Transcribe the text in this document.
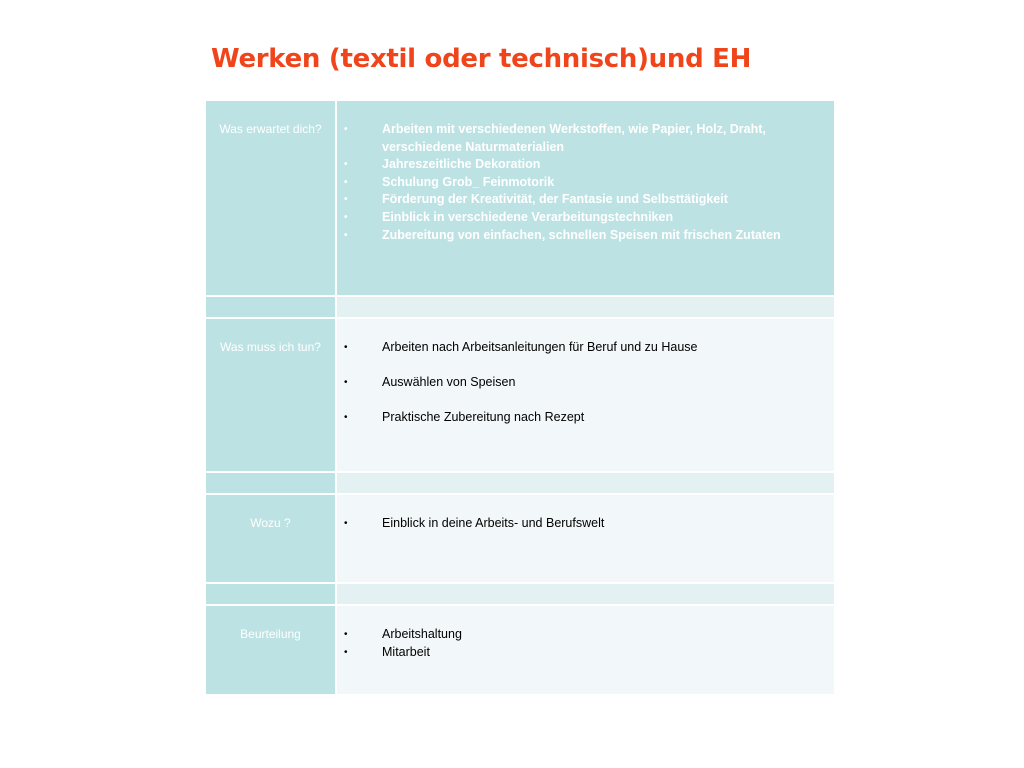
Werken (textil oder technisch)und EH
Was erwartet dich?	• Arbeiten mit verschiedenen Werkstoffen, wie Papier, Holz, Draht, verschiedene Naturmaterialien
• Jahreszeitliche Dekoration
• Schulung Grob_ Feinmotorik
• Förderung der Kreativität, der Fantasie und Selbsttätigkeit
• Einblick in verschiedene Verarbeitungstechniken
• Zubereitung von einfachen, schnellen Speisen mit frischen Zutaten
Was muss ich tun?	• Arbeiten nach Arbeitsanleitungen für Beruf und zu Hause
• Auswählen von Speisen
• Praktische Zubereitung nach Rezept
Wozu ?	• Einblick in deine Arbeits- und Berufswelt
Beurteilung	• Arbeitshaltung
• Mitarbeit
